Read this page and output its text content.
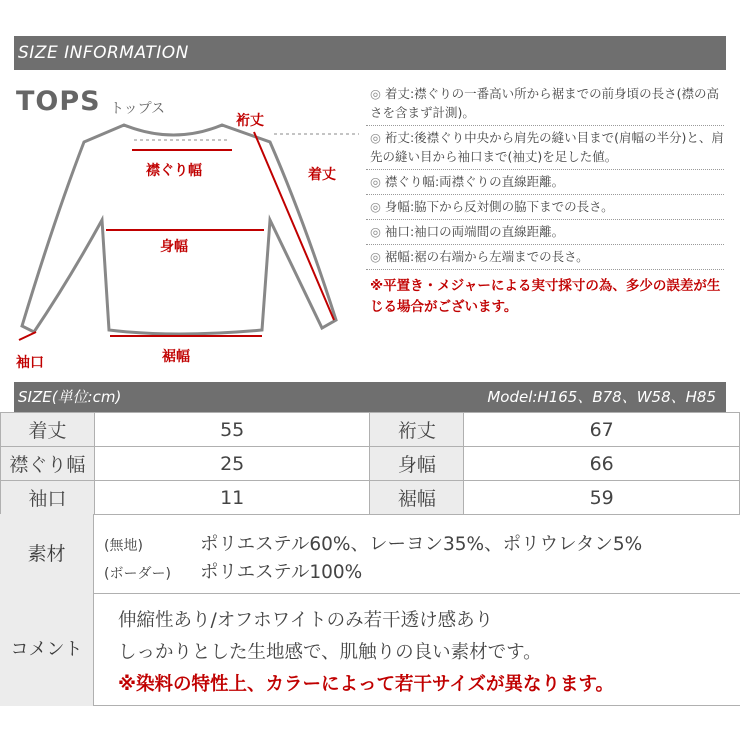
SIZE INFORMATION
TOPS トップス
裄丈
襟ぐり幅	着丈
身幅
袖口	裾幅
◎ 着丈:襟ぐりの一番高い所から裾までの前身頃の長さ(襟の高さを含まず計測)。
◎ 裄丈:後襟ぐり中央から肩先の縫い目まで(肩幅の半分)と、肩先の縫い目から袖口まで(袖丈)を足した値。
◎ 襟ぐり幅:両襟ぐりの直線距離。
◎ 身幅:脇下から反対側の脇下までの長さ。
◎ 袖口:袖口の両端間の直線距離。
◎ 裾幅:裾の右端から左端までの長さ。
※平置き・メジャーによる実寸採寸の為、多少の誤差が生じる場合がございます。
SIZE(単位:cm)	Model:H165、B78、W58、H85
着丈	55	裄丈	67
襟ぐり幅	25	身幅	66
袖口	11	裾幅	59
素材	(無地)	ポリエステル60%、レーヨン35%、ポリウレタン5%
(ボーダー) ポリエステル100%
コメント
伸縮性あり/オフホワイトのみ若干透け感あり
しっかりとした生地感で、肌触りの良い素材です。
※染料の特性上、カラーによって若干サイズが異なります。
